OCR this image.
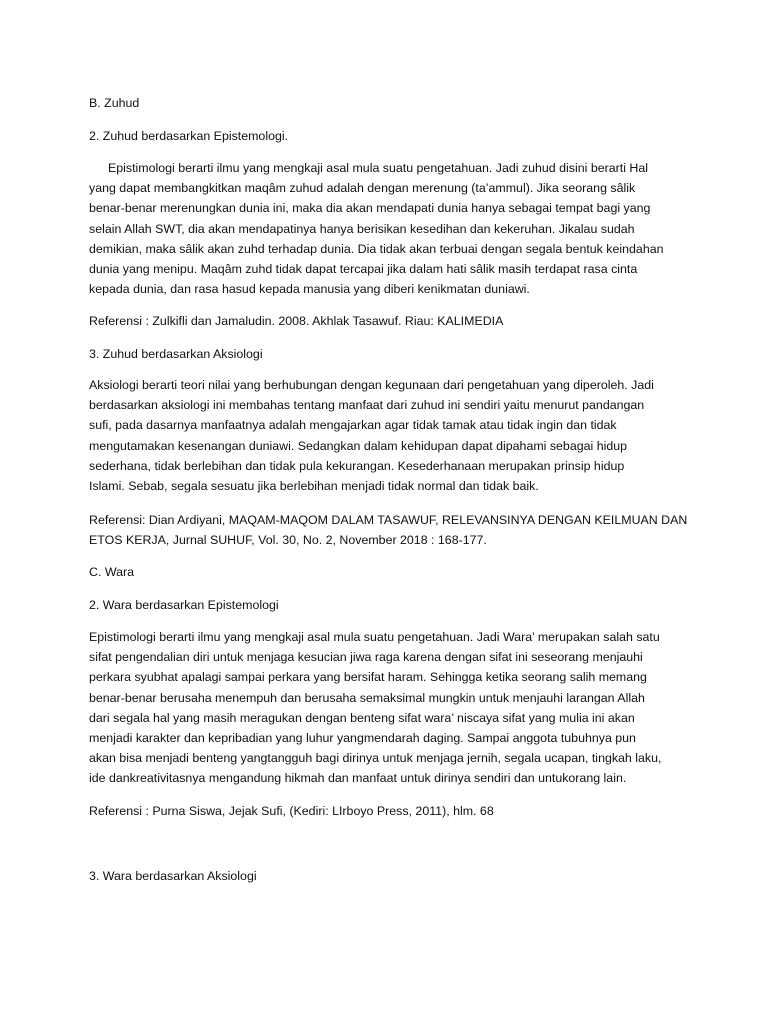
B. Zuhud

2. Zuhud berdasarkan Epistemologi.

Epistimologi berarti ilmu yang mengkaji asal mula suatu pengetahuan. Jadi zuhud disini berarti Hal
yang dapat membangkitkan maqâm zuhud adalah dengan merenung (ta’ammul). Jika seorang sâlik
benar-benar merenungkan dunia ini, maka dia akan mendapati dunia hanya sebagai tempat bagi yang
selain Allah SWT, dia akan mendapatinya hanya berisikan kesedihan dan kekeruhan. Jikalau sudah
demikian, maka sâlik akan zuhd terhadap dunia. Dia tidak akan terbuai dengan segala bentuk keindahan
dunia yang menipu. Maqâm zuhd tidak dapat tercapai jika dalam hati sâlik masih terdapat rasa cinta
kepada dunia, dan rasa hasud kepada manusia yang diberi kenikmatan duniawi.

Referensi : Zulkifli dan Jamaludin. 2008. Akhlak Tasawuf. Riau: KALIMEDIA

3. Zuhud berdasarkan Aksiologi

Aksiologi berarti teori nilai yang berhubungan dengan kegunaan dari pengetahuan yang diperoleh. Jadi
berdasarkan aksiologi ini membahas tentang manfaat dari zuhud ini sendiri yaitu menurut pandangan
sufi, pada dasarnya manfaatnya adalah mengajarkan agar tidak tamak atau tidak ingin dan tidak
mengutamakan kesenangan duniawi. Sedangkan dalam kehidupan dapat dipahami sebagai hidup
sederhana, tidak berlebihan dan tidak pula kekurangan. Kesederhanaan merupakan prinsip hidup
Islami. Sebab, segala sesuatu jika berlebihan menjadi tidak normal dan tidak baik.
Referensi: Dian Ardiyani, MAQAM-MAQOM DALAM TASAWUF, RELEVANSINYA DENGAN KEILMUAN DAN
ETOS KERJA, Jurnal SUHUF, Vol. 30, No. 2, November 2018 : 168-177.

C. Wara

2. Wara berdasarkan Epistemologi

Epistimologi berarti ilmu yang mengkaji asal mula suatu pengetahuan. Jadi Wara’ merupakan salah satu
sifat pengendalian diri untuk menjaga kesucian jiwa raga karena dengan sifat ini seseorang menjauhi
perkara syubhat apalagi sampai perkara yang bersifat haram. Sehingga ketika seorang salih memang
benar-benar berusaha menempuh dan berusaha semaksimal mungkin untuk menjauhi larangan Allah
dari segala hal yang masih meragukan dengan benteng sifat wara’ niscaya sifat yang mulia ini akan
menjadi karakter dan kepribadian yang luhur yangmendarah daging. Sampai anggota tubuhnya pun
akan bisa menjadi benteng yangtangguh bagi dirinya untuk menjaga jernih, segala ucapan, tingkah laku,
ide dankreativitasnya mengandung hikmah dan manfaat untuk dirinya sendiri dan untukorang lain.

Referensi : Purna Siswa, Jejak Sufi, (Kediri: LIrboyo Press, 2011), hlm. 68

3. Wara berdasarkan Aksiologi
